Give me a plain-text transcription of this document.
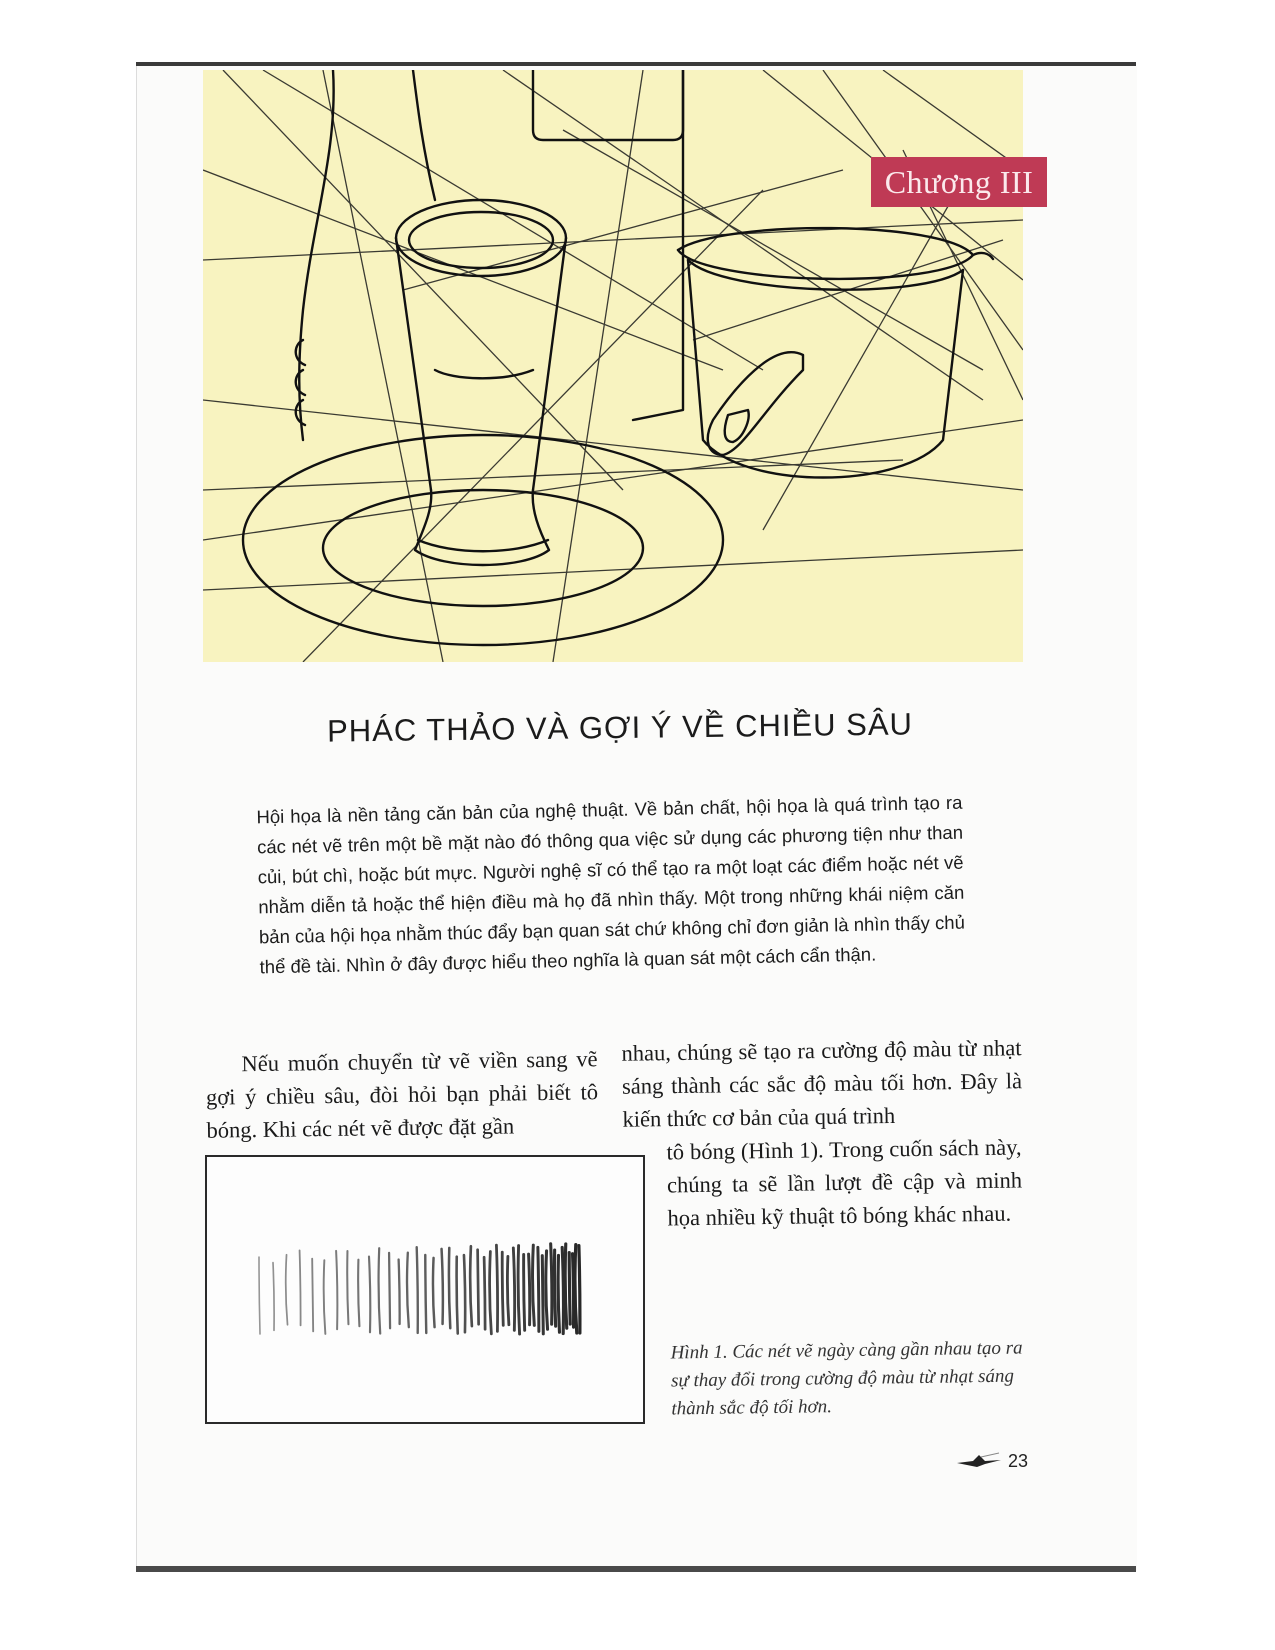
Chương III
PHÁC THẢO VÀ GỢI Ý VỀ CHIỀU SÂU

Hội họa là nền tảng căn bản của nghệ thuật. Về bản chất, hội họa là quá trình tạo ra các nét vẽ trên một bề mặt nào đó thông qua việc sử dụng các phương tiện như than củi, bút chì, hoặc bút mực. Người nghệ sĩ có thể tạo ra một loạt các điểm hoặc nét vẽ nhằm diễn tả hoặc thể hiện điều mà họ đã nhìn thấy. Một trong những khái niệm căn bản của hội họa nhằm thúc đẩy bạn quan sát chứ không chỉ đơn giản là nhìn thấy chủ thể đề tài. Nhìn ở đây được hiểu theo nghĩa là quan sát một cách cẩn thận.

Nếu muốn chuyển từ vẽ viền sang vẽ gợi ý chiều sâu, đòi hỏi bạn phải biết tô bóng. Khi các nét vẽ được đặt gần

nhau, chúng sẽ tạo ra cường độ màu từ nhạt sáng thành các sắc độ màu tối hơn. Đây là kiến thức cơ bản của quá trình

tô bóng (Hình 1). Trong cuốn sách này, chúng ta sẽ lần lượt đề cập và minh họa nhiều kỹ thuật tô bóng khác nhau.

Hình 1. Các nét vẽ ngày càng gần nhau tạo ra sự thay đổi trong cường độ màu từ nhạt sáng thành sắc độ tối hơn.

23
